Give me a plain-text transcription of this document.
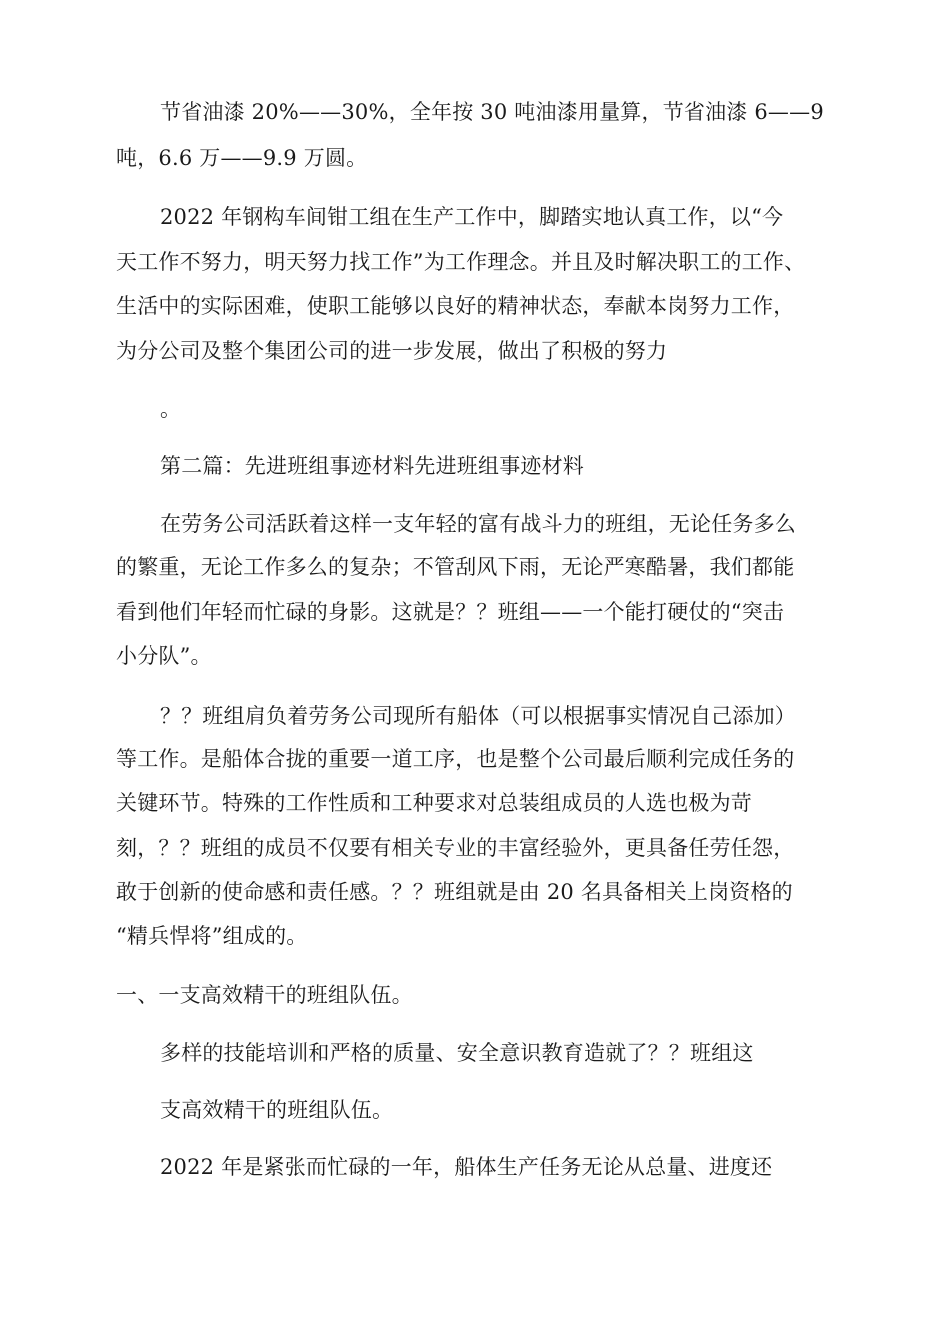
节省油漆 20%——30%，全年按 30 吨油漆用量算，节省油漆 6——9
吨，6.6 万——9.9 万圆。
2022 年钢构车间钳工组在生产工作中，脚踏实地认真工作，以“今
天工作不努力，明天努力找工作”为工作理念。并且及时解决职工的工作、
生活中的实际困难，使职工能够以良好的精神状态，奉献本岗努力工作，
为分公司及整个集团公司的进一步发展，做出了积极的努力
。
第二篇：先进班组事迹材料先进班组事迹材料
在劳务公司活跃着这样一支年轻的富有战斗力的班组，无论任务多么
的繁重，无论工作多么的复杂；不管刮风下雨，无论严寒酷暑，我们都能
看到他们年轻而忙碌的身影。这就是？？班组——一个能打硬仗的“突击
小分队”。
？？班组肩负着劳务公司现所有船体（可以根据事实情况自己添加）
等工作。是船体合拢的重要一道工序，也是整个公司最后顺利完成任务的
关键环节。特殊的工作性质和工种要求对总装组成员的人选也极为苛
刻，？？班组的成员不仅要有相关专业的丰富经验外，更具备任劳任怨，
敢于创新的使命感和责任感。？？班组就是由 20 名具备相关上岗资格的
“精兵悍将”组成的。
一、一支高效精干的班组队伍。
多样的技能培训和严格的质量、安全意识教育造就了？？班组这
支高效精干的班组队伍。
2022 年是紧张而忙碌的一年，船体生产任务无论从总量、进度还
